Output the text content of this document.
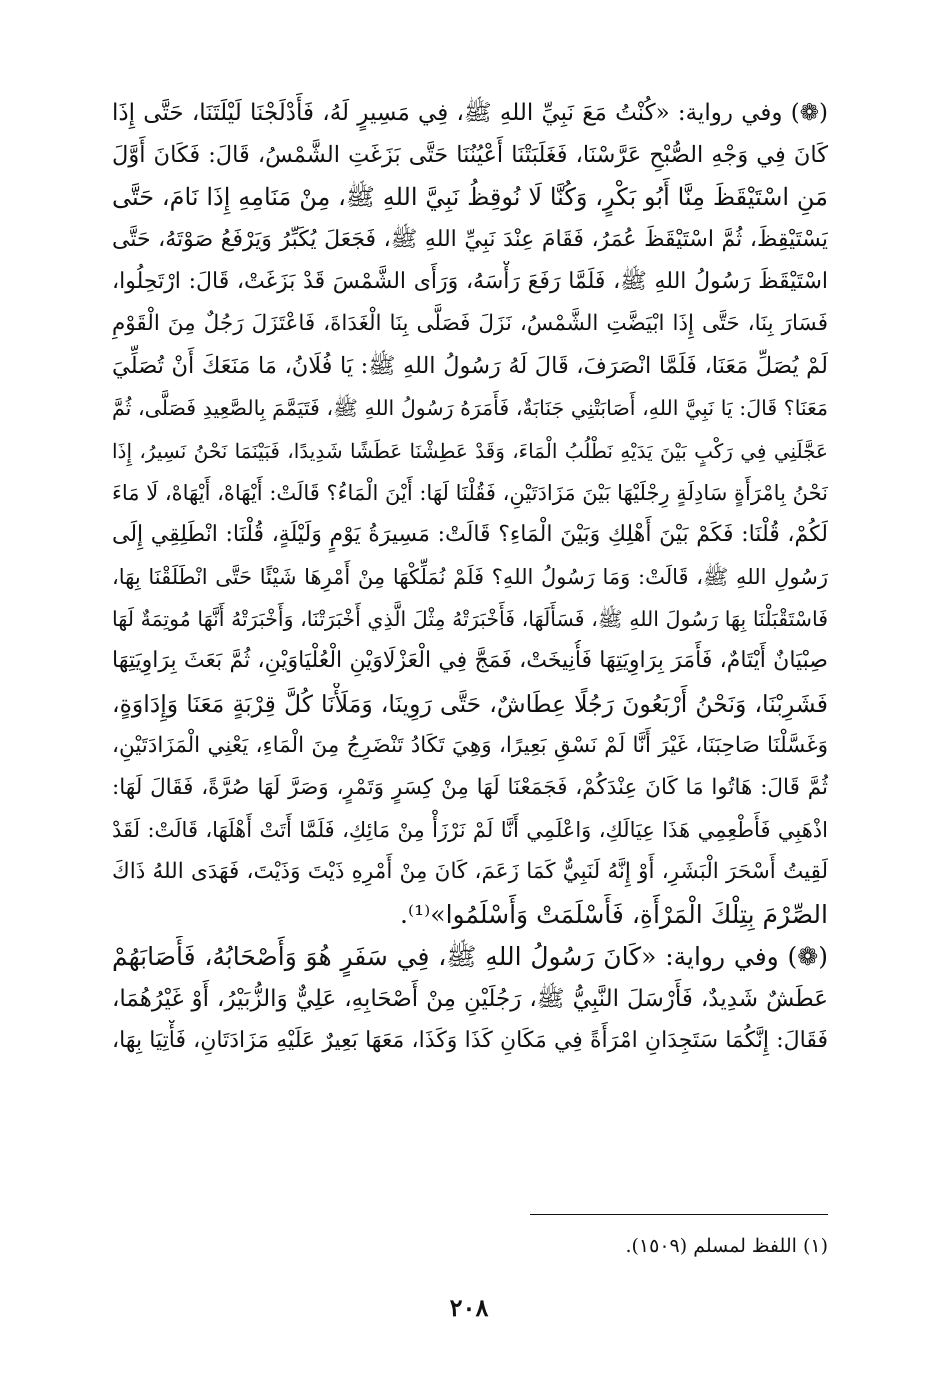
(❁) وفي رواية: «كُنْتُ مَعَ نَبِيِّ اللهِ ﷺ، فِي مَسِيرٍ لَهُ، فَأَدْلَجْنَا لَيْلَتَنَا، حَتَّى إِذَا
كَانَ فِي وَجْهِ الصُّبْحِ عَرَّسْنَا، فَغَلَبَتْنَا أَعْيُنُنَا حَتَّى بَزَغَتِ الشَّمْسُ، قَالَ: فَكَانَ أَوَّلَ
مَنِ اسْتَيْقَظَ مِنَّا أَبُو بَكْرٍ، وَكُنَّا لَا نُوقِظُ نَبِيَّ اللهِ ﷺ، مِنْ مَنَامِهِ إِذَا نَامَ، حَتَّى
يَسْتَيْقِظَ، ثُمَّ اسْتَيْقَظَ عُمَرُ، فَقَامَ عِنْدَ نَبِيِّ اللهِ ﷺ، فَجَعَلَ يُكَبِّرُ وَيَرْفَعُ صَوْتَهُ، حَتَّى
اسْتَيْقَظَ رَسُولُ اللهِ ﷺ، فَلَمَّا رَفَعَ رَأْسَهُ، وَرَأَى الشَّمْسَ قَدْ بَزَغَتْ، قَالَ: ارْتَحِلُوا،
فَسَارَ بِنَا، حَتَّى إِذَا ابْيَضَّتِ الشَّمْسُ، نَزَلَ فَصَلَّى بِنَا الْغَدَاةَ، فَاعْتَزَلَ رَجُلٌ مِنَ الْقَوْمِ
لَمْ يُصَلِّ مَعَنَا، فَلَمَّا انْصَرَفَ، قَالَ لَهُ رَسُولُ اللهِ ﷺ: يَا فُلَانُ، مَا مَنَعَكَ أَنْ تُصَلِّيَ
مَعَنَا؟ قَالَ: يَا نَبِيَّ اللهِ، أَصَابَتْنِي جَنَابَةٌ، فَأَمَرَهُ رَسُولُ اللهِ ﷺ، فَتَيَمَّمَ بِالصَّعِيدِ فَصَلَّى، ثُمَّ
عَجَّلَنِي فِي رَكْبٍ بَيْنَ يَدَيْهِ نَطْلُبُ الْمَاءَ، وَقَدْ عَطِشْنَا عَطَشًا شَدِيدًا، فَبَيْنَمَا نَحْنُ نَسِيرُ، إِذَا
نَحْنُ بِامْرَأَةٍ سَادِلَةٍ رِجْلَيْهَا بَيْنَ مَزَادَتَيْنِ، فَقُلْنَا لَهَا: أَيْنَ الْمَاءُ؟ قَالَتْ: أَيْهَاهْ، أَيْهَاهْ، لَا مَاءَ
لَكُمْ، قُلْنَا: فَكَمْ بَيْنَ أَهْلِكِ وَبَيْنَ الْمَاءِ؟ قَالَتْ: مَسِيرَةُ يَوْمٍ وَلَيْلَةٍ، قُلْنَا: انْطَلِقِي إِلَى
رَسُولِ اللهِ ﷺ، قَالَتْ: وَمَا رَسُولُ اللهِ؟ فَلَمْ نُمَلِّكْهَا مِنْ أَمْرِهَا شَيْئًا حَتَّى انْطَلَقْنَا بِهَا،
فَاسْتَقْبَلْنَا بِهَا رَسُولَ اللهِ ﷺ، فَسَأَلَهَا، فَأَخْبَرَتْهُ مِثْلَ الَّذِي أَخْبَرَتْنَا، وَأَخْبَرَتْهُ أَنَّهَا مُوتِمَةٌ لَهَا
صِبْيَانٌ أَيْتَامٌ، فَأَمَرَ بِرَاوِيَتِهَا فَأُنِيخَتْ، فَمَجَّ فِي الْعَزْلَاوَيْنِ الْعُلْيَاوَيْنِ، ثُمَّ بَعَثَ بِرَاوِيَتِهَا
فَشَرِبْنَا، وَنَحْنُ أَرْبَعُونَ رَجُلًا عِطَاشٌ، حَتَّى رَوِينَا، وَمَلَأْنَا كُلَّ قِرْبَةٍ مَعَنَا وَإِدَاوَةٍ،
وَغَسَّلْنَا صَاحِبَنَا، غَيْرَ أَنَّا لَمْ نَسْقِ بَعِيرًا، وَهِيَ تَكَادُ تَنْضَرِجُ مِنَ الْمَاءِ، يَعْنِي الْمَزَادَتَيْنِ،
ثُمَّ قَالَ: هَاتُوا مَا كَانَ عِنْدَكُمْ، فَجَمَعْنَا لَهَا مِنْ كِسَرٍ وَتَمْرٍ، وَصَرَّ لَهَا صُرَّةً، فَقَالَ لَهَا:
اذْهَبِي فَأَطْعِمِي هَذَا عِيَالَكِ، وَاعْلَمِي أَنَّا لَمْ نَرْزَأْ مِنْ مَائِكِ، فَلَمَّا أَتَتْ أَهْلَهَا، قَالَتْ: لَقَدْ
لَقِيتُ أَسْحَرَ الْبَشَرِ، أَوْ إِنَّهُ لَنَبِيٌّ كَمَا زَعَمَ، كَانَ مِنْ أَمْرِهِ ذَيْتَ وَذَيْتَ، فَهَدَى اللهُ ذَاكَ
الصِّرْمَ بِتِلْكَ الْمَرْأَةِ، فَأَسْلَمَتْ وَأَسْلَمُوا»⁽¹⁾.
(❁) وفي رواية: «كَانَ رَسُولُ اللهِ ﷺ، فِي سَفَرٍ هُوَ وَأَصْحَابُهُ، فَأَصَابَهُمْ
عَطَشٌ شَدِيدٌ، فَأَرْسَلَ النَّبِيُّ ﷺ، رَجُلَيْنِ مِنْ أَصْحَابِهِ، عَلِيٌّ وَالزُّبَيْرُ، أَوْ غَيْرُهُمَا،
فَقَالَ: إِنَّكُمَا سَتَجِدَانِ امْرَأَةً فِي مَكَانِ كَذَا وَكَذَا، مَعَهَا بَعِيرٌ عَلَيْهِ مَزَادَتَانِ، فَأْتِيَا بِهَا،
(١) اللفظ لمسلم (١٥٠٩).
٢٠٨
